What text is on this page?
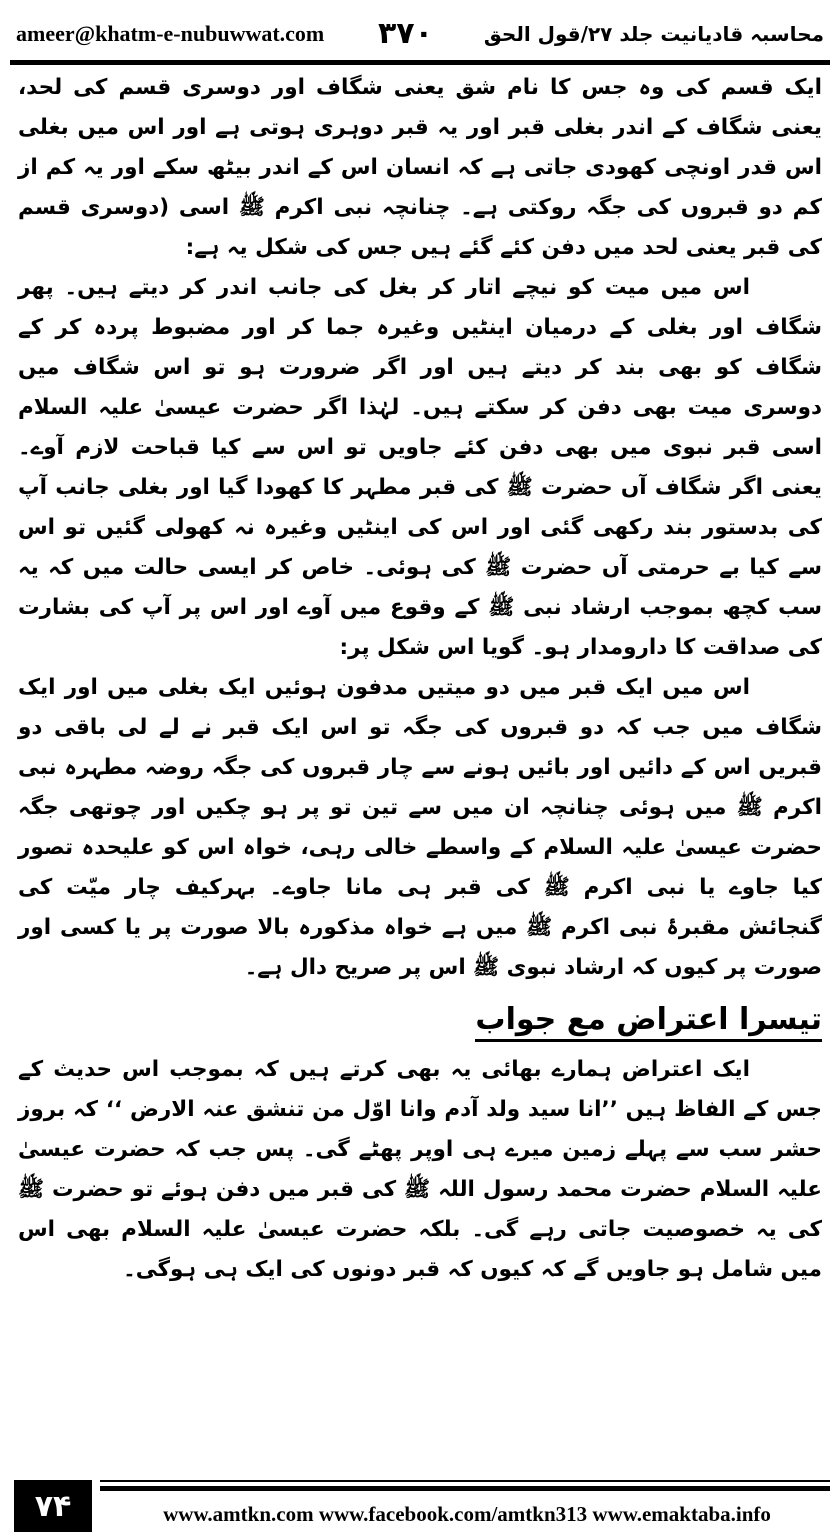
ameer@khatm-e-nubuwwat.com ۳۷۰	محاسبہ قادیانیت جلد ۲۷/قول الحق

ایک قسم کی وہ جس کا نام شق یعنی شگاف اور دوسری قسم کی لحد، یعنی شگاف کے اندر بغلی قبر اور یہ قبر دوہری ہوتی ہے اور اس میں بغلی اس قدر اونچی کھودی جاتی ہے کہ انسان اس کے اندر بیٹھ سکے اور یہ کم از کم دو قبروں کی جگہ روکتی ہے۔ چنانچہ نبی اکرم ﷺ اسی (دوسری قسم کی قبر یعنی لحد میں دفن کئے گئے ہیں جس کی شکل یہ ہے:

اس میں میت کو نیچے اتار کر بغل کی جانب اندر کر دیتے ہیں۔ پھر شگاف اور بغلی کے درمیان اینٹیں وغیرہ جما کر اور مضبوط پردہ کر کے شگاف کو بھی بند کر دیتے ہیں اور اگر ضرورت ہو تو اس شگاف میں دوسری میت بھی دفن کر سکتے ہیں۔ لہٰذا اگر حضرت عیسیٰ علیہ السلام اسی قبر نبوی میں بھی دفن کئے جاویں تو اس سے کیا قباحت لازم آوے۔ یعنی اگر شگاف آں حضرت ﷺ کی قبر مطہر کا کھودا گیا اور بغلی جانب آپ کی بدستور بند رکھی گئی اور اس کی اینٹیں وغیرہ نہ کھولی گئیں تو اس سے کیا بے حرمتی آں حضرت ﷺ کی ہوئی۔ خاص کر ایسی حالت میں کہ یہ سب کچھ بموجب ارشاد نبی ﷺ کے وقوع میں آوے اور اس پر آپ کی بشارت کی صداقت کا دارومدار ہو۔ گویا اس شکل پر:

اس میں ایک قبر میں دو میتیں مدفون ہوئیں ایک بغلی میں اور ایک شگاف میں جب کہ دو قبروں کی جگہ تو اس ایک قبر نے لے لی باقی دو قبریں اس کے دائیں اور بائیں ہونے سے چار قبروں کی جگہ روضہ مطہرہ نبی اکرم ﷺ میں ہوئی چنانچہ ان میں سے تین تو پر ہو چکیں اور چوتھی جگہ حضرت عیسیٰ علیہ السلام کے واسطے خالی رہی، خواہ اس کو علیحدہ تصور کیا جاوے یا نبی اکرم ﷺ کی قبر ہی مانا جاوے۔ بہرکیف چار میّت کی گنجائش مقبرۂ نبی اکرم ﷺ میں ہے خواہ مذکورہ بالا صورت پر یا کسی اور صورت پر کیوں کہ ارشاد نبوی ﷺ اس پر صریح دال ہے۔

تیسرا اعتراض مع جواب

ایک اعتراض ہمارے بھائی یہ بھی کرتے ہیں کہ بموجب اس حدیث کے جس کے الفاظ ہیں ’’انا سید ولد آدم وانا اوّل من تنشق عنہ الارض ‘‘ کہ بروز حشر سب سے پہلے زمین میرے ہی اوپر پھٹے گی۔ پس جب کہ حضرت عیسیٰ علیہ السلام حضرت محمد رسول اللہ ﷺ کی قبر میں دفن ہوئے تو حضرت ﷺ کی یہ خصوصیت جاتی رہے گی۔ بلکہ حضرت عیسیٰ علیہ السلام بھی اس میں شامل ہو جاویں گے کہ کیوں کہ قبر دونوں کی ایک ہی ہوگی۔

۷۴	www.amtkn.com www.facebook.com/amtkn313 www.emaktaba.info
